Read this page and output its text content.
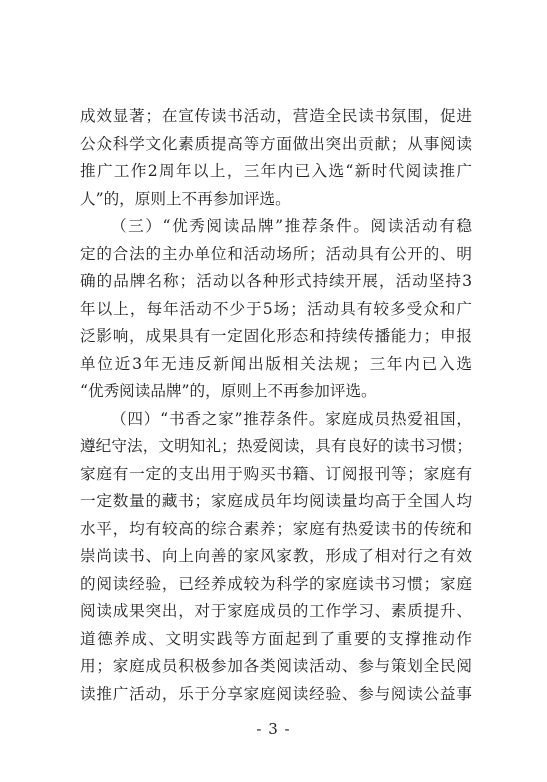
成效显著；在宣传读书活动，营造全民读书氛围，促进
公众科学文化素质提高等方面做出突出贡献；从事阅读
推广工作2周年以上，三年内已入选“新时代阅读推广
人”的，原则上不再参加评选。
（三）“优秀阅读品牌”推荐条件。阅读活动有稳
定的合法的主办单位和活动场所；活动具有公开的、明
确的品牌名称；活动以各种形式持续开展，活动坚持3
年以上，每年活动不少于5场；活动具有较多受众和广
泛影响，成果具有一定固化形态和持续传播能力；申报
单位近3年无违反新闻出版相关法规；三年内已入选
“优秀阅读品牌”的，原则上不再参加评选。
（四）“书香之家”推荐条件。家庭成员热爱祖国，
遵纪守法，文明知礼；热爱阅读，具有良好的读书习惯；
家庭有一定的支出用于购买书籍、订阅报刊等；家庭有
一定数量的藏书；家庭成员年均阅读量均高于全国人均
水平，均有较高的综合素养；家庭有热爱读书的传统和
崇尚读书、向上向善的家风家教，形成了相对行之有效
的阅读经验，已经养成较为科学的家庭读书习惯；家庭
阅读成果突出，对于家庭成员的工作学习、素质提升、
道德养成、文明实践等方面起到了重要的支撑推动作
用；家庭成员积极参加各类阅读活动、参与策划全民阅
读推广活动，乐于分享家庭阅读经验、参与阅读公益事
- 3 -
